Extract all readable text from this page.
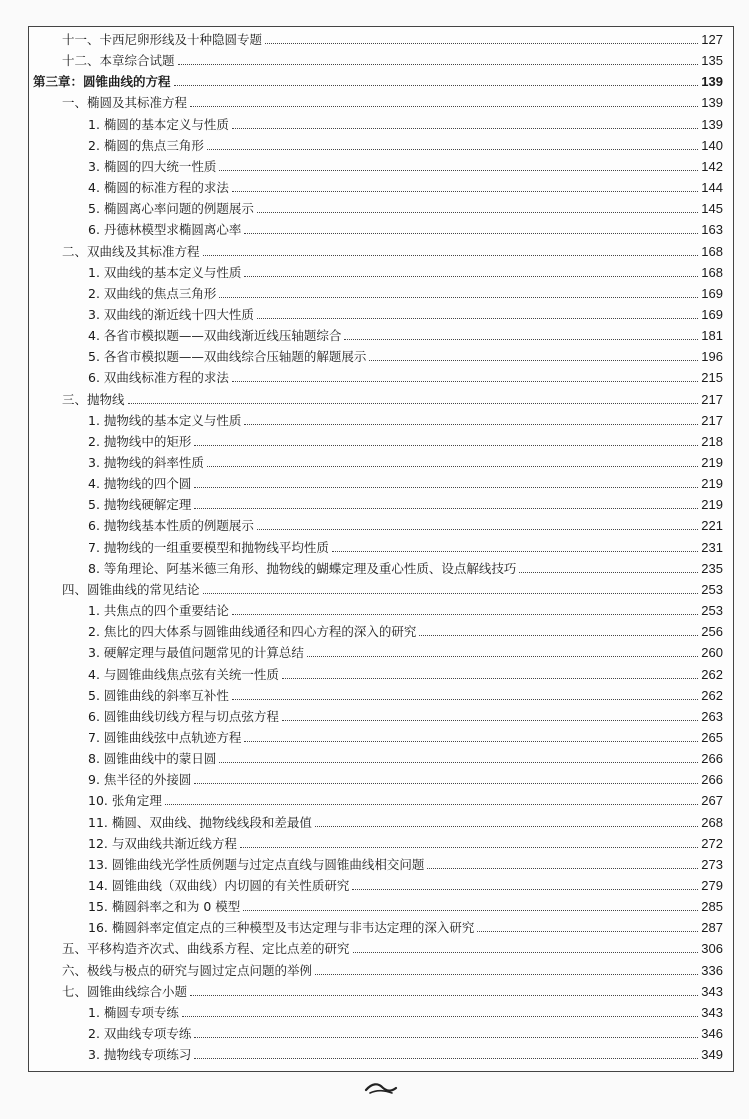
十一、卡西尼卵形线及十种隐圆专题	127
十二、本章综合试题	135
第三章：圆锥曲线的方程	139
一、椭圆及其标准方程	139
1. 椭圆的基本定义与性质	139
2. 椭圆的焦点三角形	140
3. 椭圆的四大统一性质	142
4. 椭圆的标准方程的求法	144
5. 椭圆离心率问题的例题展示	145
6. 丹德林模型求椭圆离心率	163
二、双曲线及其标准方程	168
1. 双曲线的基本定义与性质	168
2. 双曲线的焦点三角形	169
3. 双曲线的渐近线十四大性质	169
4. 各省市模拟题——双曲线渐近线压轴题综合	181
5. 各省市模拟题——双曲线综合压轴题的解题展示	196
6. 双曲线标准方程的求法	215
三、抛物线	217
1. 抛物线的基本定义与性质	217
2. 抛物线中的矩形	218
3. 抛物线的斜率性质	219
4. 抛物线的四个圆	219
5. 抛物线硬解定理	219
6. 抛物线基本性质的例题展示	221
7. 抛物线的一组重要模型和抛物线平均性质	231
8. 等角理论、阿基米德三角形、抛物线的蝴蝶定理及重心性质、设点解线技巧	235
四、圆锥曲线的常见结论	253
1. 共焦点的四个重要结论	253
2. 焦比的四大体系与圆锥曲线通径和四心方程的深入的研究	256
3. 硬解定理与最值问题常见的计算总结	260
4. 与圆锥曲线焦点弦有关统一性质	262
5. 圆锥曲线的斜率互补性	262
6. 圆锥曲线切线方程与切点弦方程	263
7. 圆锥曲线弦中点轨迹方程	265
8. 圆锥曲线中的蒙日圆	266
9. 焦半径的外接圆	266
10. 张角定理	267
11. 椭圆、双曲线、抛物线线段和差最值	268
12. 与双曲线共渐近线方程	272
13. 圆锥曲线光学性质例题与过定点直线与圆锥曲线相交问题	273
14. 圆锥曲线（双曲线）内切圆的有关性质研究	279
15. 椭圆斜率之和为 0 模型	285
16. 椭圆斜率定值定点的三种模型及韦达定理与非韦达定理的深入研究	287
五、平移构造齐次式、曲线系方程、定比点差的研究	306
六、极线与极点的研究与圆过定点问题的举例	336
七、圆锥曲线综合小题	343
1. 椭圆专项专练	343
2. 双曲线专项专练	346
3. 抛物线专项练习	349
